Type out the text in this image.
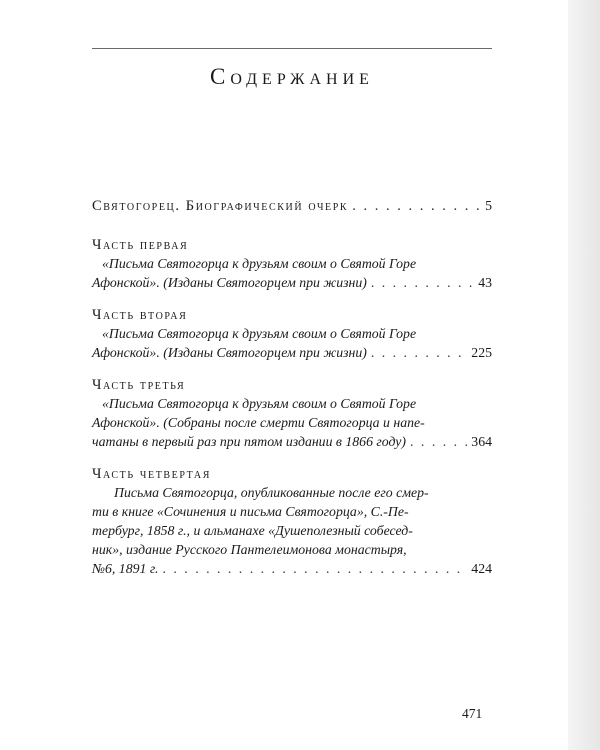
Содержание
Святогорец. Биографический очерк . . .	5
Часть первая
«Письма Святогорца к друзьям своим о Святой Горе
Афонской». (Изданы Святогорцем при жизни) . . .	43
Часть вторая
«Письма Святогорца к друзьям своим о Святой Горе
Афонской». (Изданы Святогорцем при жизни) . . .	225
Часть третья
«Письма Святогорца к друзьям своим о Святой Горе
Афонской». (Собраны после смерти Святогорца и напе-
чатаны в первый раз при пятом издании в 1866 году) . . .	364
Часть четвертая
Письма Святогорца, опубликованные после его смер-
ти в книге «Сочинения и письма Святогорца», С.-Пе-
тербург, 1858 г., и альманахе «Душеполезный собесед-
ник», издание Русского Пантелеимонова монастыря,
№6, 1891 г. . . .	424
471
